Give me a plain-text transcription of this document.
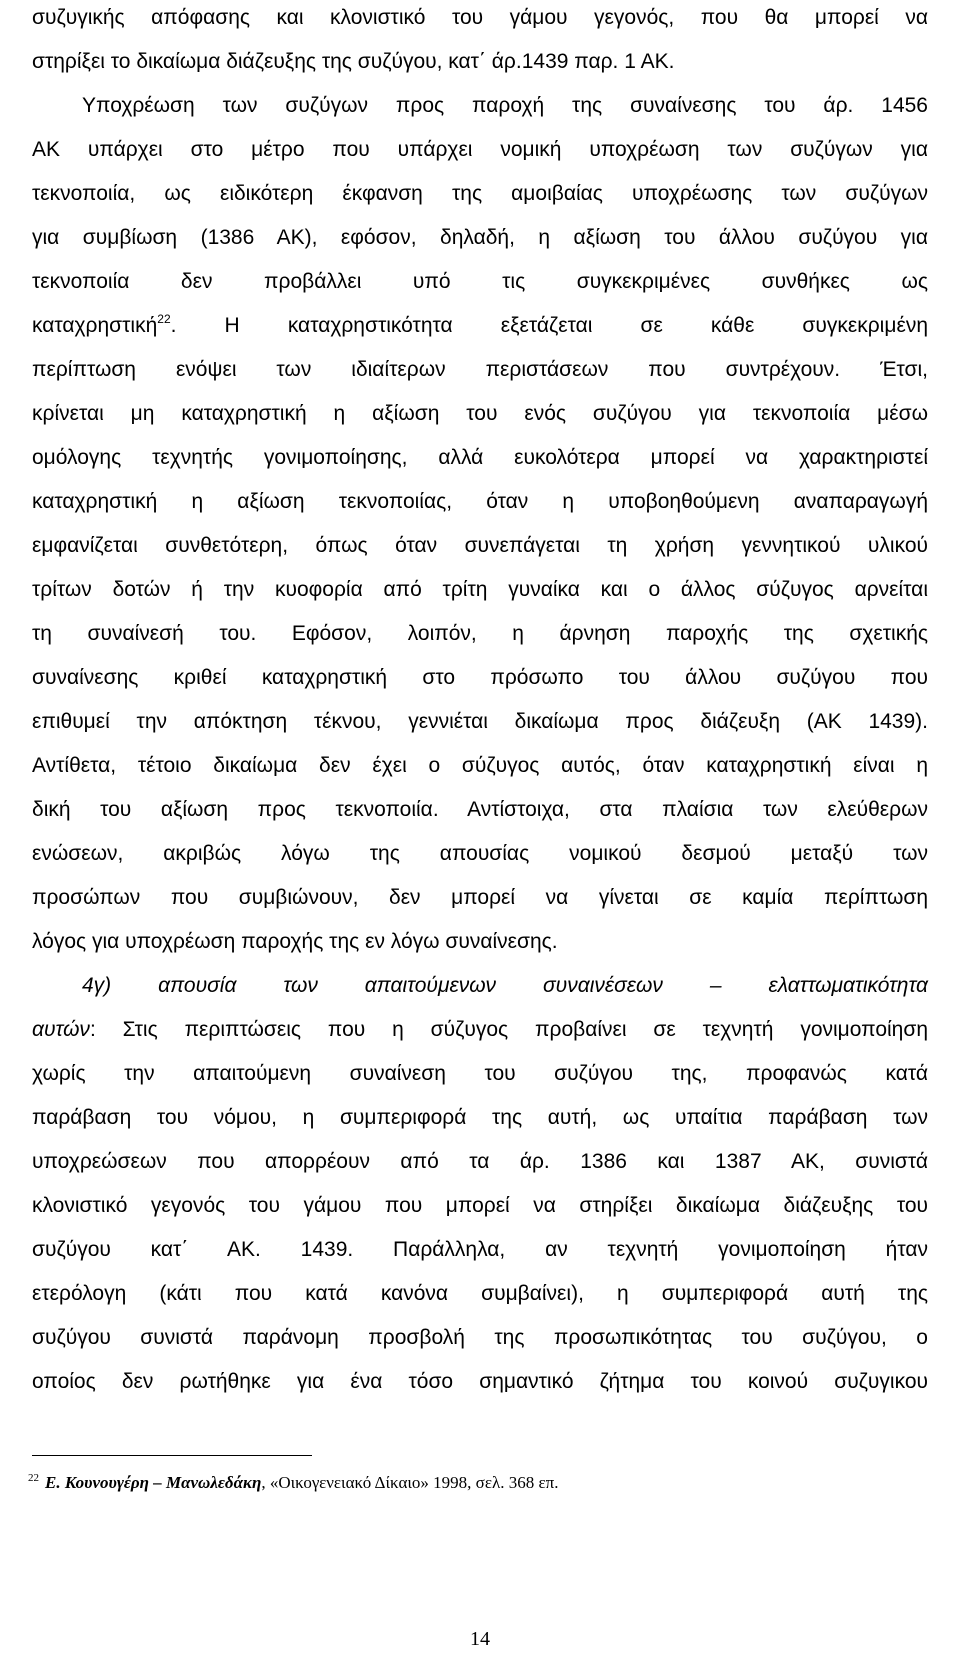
συζυγικής απόφασης και κλονιστικό του γάμου γεγονός, που θα μπορεί να
στηρίξει το δικαίωμα διάζευξης της συζύγου, κατ΄ άρ.1439 παρ. 1 ΑΚ.
Υποχρέωση των συζύγων προς παροχή της συναίνεσης του άρ. 1456
ΑΚ υπάρχει στο μέτρο που υπάρχει νομική υποχρέωση των συζύγων για
τεκνοποιία, ως ειδικότερη έκφανση της αμοιβαίας υποχρέωσης των συζύγων
για συμβίωση (1386 ΑΚ), εφόσον, δηλαδή, η αξίωση του άλλου συζύγου για
τεκνοποιία δεν προβάλλει υπό τις συγκεκριμένες συνθήκες ως
καταχρηστική$^{22}$ . Η καταχρηστικότητα εξετάζεται σε κάθε συγκεκριμένη
περίπτωση ενόψει των ιδιαίτερων περιστάσεων που συντρέχουν. Έτσι,
κρίνεται μη καταχρηστική η αξίωση του ενός συζύγου για τεκνοποιία μέσω
ομόλογης τεχνητής γονιμοποίησης, αλλά ευκολότερα μπορεί να χαρακτηριστεί
καταχρηστική η αξίωση τεκνοποιίας, όταν η υποβοηθούμενη αναπαραγωγή
εμφανίζεται συνθετότερη, όπως όταν συνεπάγεται τη χρήση γεννητικού υλικού
τρίτων δοτών ή την κυοφορία από τρίτη γυναίκα και ο άλλος σύζυγος αρνείται
τη συναίνεσή του. Εφόσον, λοιπόν, η άρνηση παροχής της σχετικής
συναίνεσης κριθεί καταχρηστική στο πρόσωπο του άλλου συζύγου που
επιθυμεί την απόκτηση τέκνου, γεννιέται δικαίωμα προς διάζευξη (ΑΚ 1439).
Αντίθετα, τέτοιο δικαίωμα δεν έχει ο σύζυγος αυτός, όταν καταχρηστική είναι η
δική του αξίωση προς τεκνοποιία. Αντίστοιχα, στα πλαίσια των ελεύθερων
ενώσεων, ακριβώς λόγω της απουσίας νομικού δεσμού μεταξύ των
προσώπων που συμβιώνουν, δεν μπορεί να γίνεται σε καμία περίπτωση
λόγος για υποχρέωση παροχής της εν λόγω συναίνεσης.
4γ) απουσία των απαιτούμενων συναινέσεων – ελαττωματικότητα
αυτών : Στις περιπτώσεις που η σύζυγος προβαίνει σε τεχνητή γονιμοποίηση
χωρίς την απαιτούμενη συναίνεση του συζύγου της, προφανώς κατά
παράβαση του νόμου, η συμπεριφορά της αυτή, ως υπαίτια παράβαση των
υποχρεώσεων που απορρέουν από τα άρ. 1386 και 1387 ΑΚ, συνιστά
κλονιστικό γεγονός του γάμου που μπορεί να στηρίξει δικαίωμα διάζευξης του
συζύγου κατ΄ ΑΚ. 1439. Παράλληλα, αν τεχνητή γονιμοποίηση ήταν
ετερόλογη (κάτι που κατά κανόνα συμβαίνει), η συμπεριφορά αυτή της
συζύγου συνιστά παράνομη προσβολή της προσωπικότητας του συζύγου, ο
οποίος δεν ρωτήθηκε για ένα τόσο σημαντικό ζήτημα του κοινού συζυγικου
$^{22}$ Ε. Κουνουγέρη – Μανωλεδάκη, «Οικογενειακό Δίκαιο» 1998, σελ. 368 επ.
14
